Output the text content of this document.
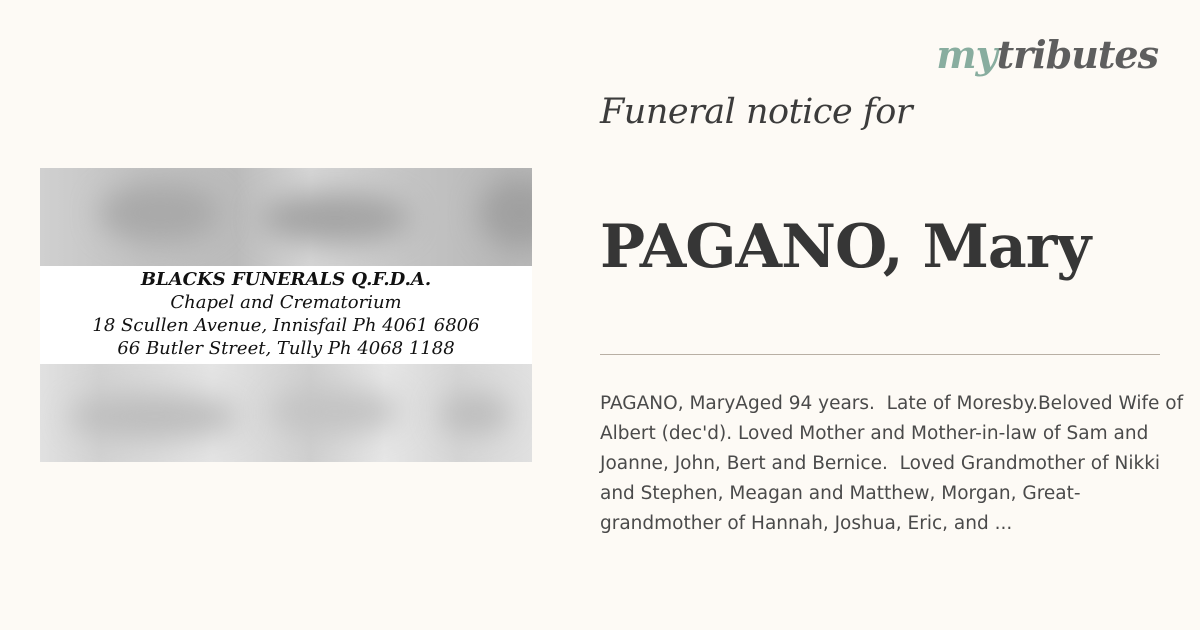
mytributes
BLACKS FUNERALS Q.F.D.A.
Chapel and Crematorium
18 Scullen Avenue, Innisfail Ph 4061 6806
66 Butler Street, Tully Ph 4068 1188
Funeral notice for
PAGANO, Mary
PAGANO, MaryAged 94 years.  Late of Moresby.Beloved Wife of Albert (dec'd). Loved Mother and Mother-in-law of Sam and Joanne, John, Bert and Bernice.  Loved Grandmother of Nikki and Stephen, Meagan and Matthew, Morgan, Great-grandmother of Hannah, Joshua, Eric, and ...
